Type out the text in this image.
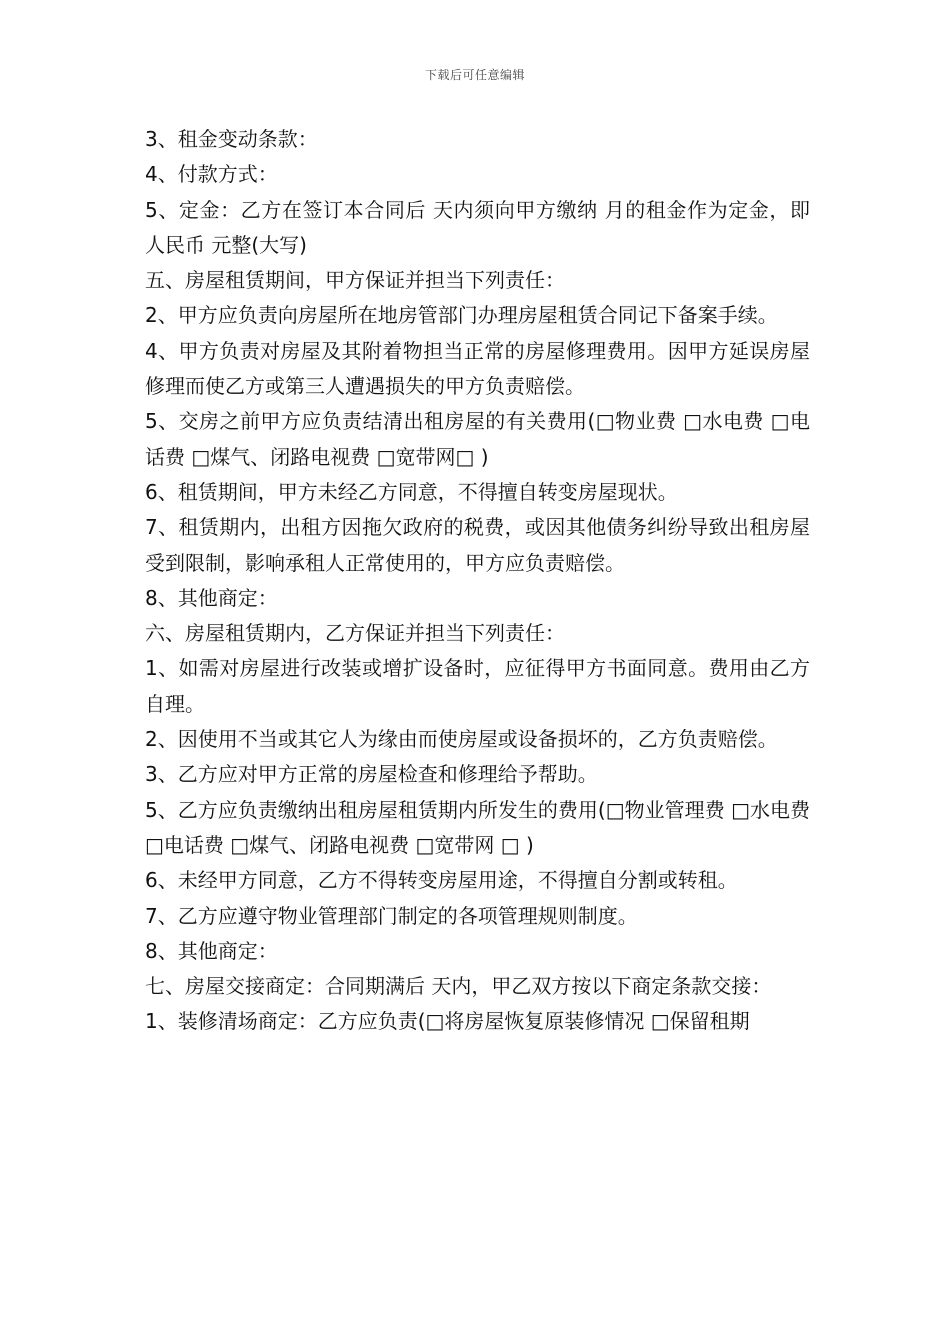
下载后可任意编辑

3、租金变动条款：

4、付款方式：

5、定金：乙方在签订本合同后 天内须向甲方缴纳 月的租金作为定金，即人民币 元整(大写)

五、房屋租赁期间，甲方保证并担当下列责任：

2、甲方应负责向房屋所在地房管部门办理房屋租赁合同记下备案手续。

4、甲方负责对房屋及其附着物担当正常的房屋修理费用。因甲方延误房屋修理而使乙方或第三人遭遇损失的甲方负责赔偿。

5、交房之前甲方应负责结清出租房屋的有关费用(□物业费 □水电费 □电话费 □煤气、闭路电视费 □宽带网□ )

6、租赁期间，甲方未经乙方同意，不得擅自转变房屋现状。

7、租赁期内，出租方因拖欠政府的税费，或因其他债务纠纷导致出租房屋受到限制，影响承租人正常使用的，甲方应负责赔偿。

8、其他商定：

六、房屋租赁期内，乙方保证并担当下列责任：

1、如需对房屋进行改装或增扩设备时，应征得甲方书面同意。费用由乙方自理。

2、因使用不当或其它人为缘由而使房屋或设备损坏的，乙方负责赔偿。

3、乙方应对甲方正常的房屋检查和修理给予帮助。

5、乙方应负责缴纳出租房屋租赁期内所发生的费用(□物业管理费 □水电费 □电话费 □煤气、闭路电视费 □宽带网 □ )

6、未经甲方同意，乙方不得转变房屋用途，不得擅自分割或转租。

7、乙方应遵守物业管理部门制定的各项管理规则制度。

8、其他商定：

七、房屋交接商定：合同期满后 天内，甲乙双方按以下商定条款交接：

1、装修清场商定：乙方应负责(□将房屋恢复原装修情况 □保留租期
